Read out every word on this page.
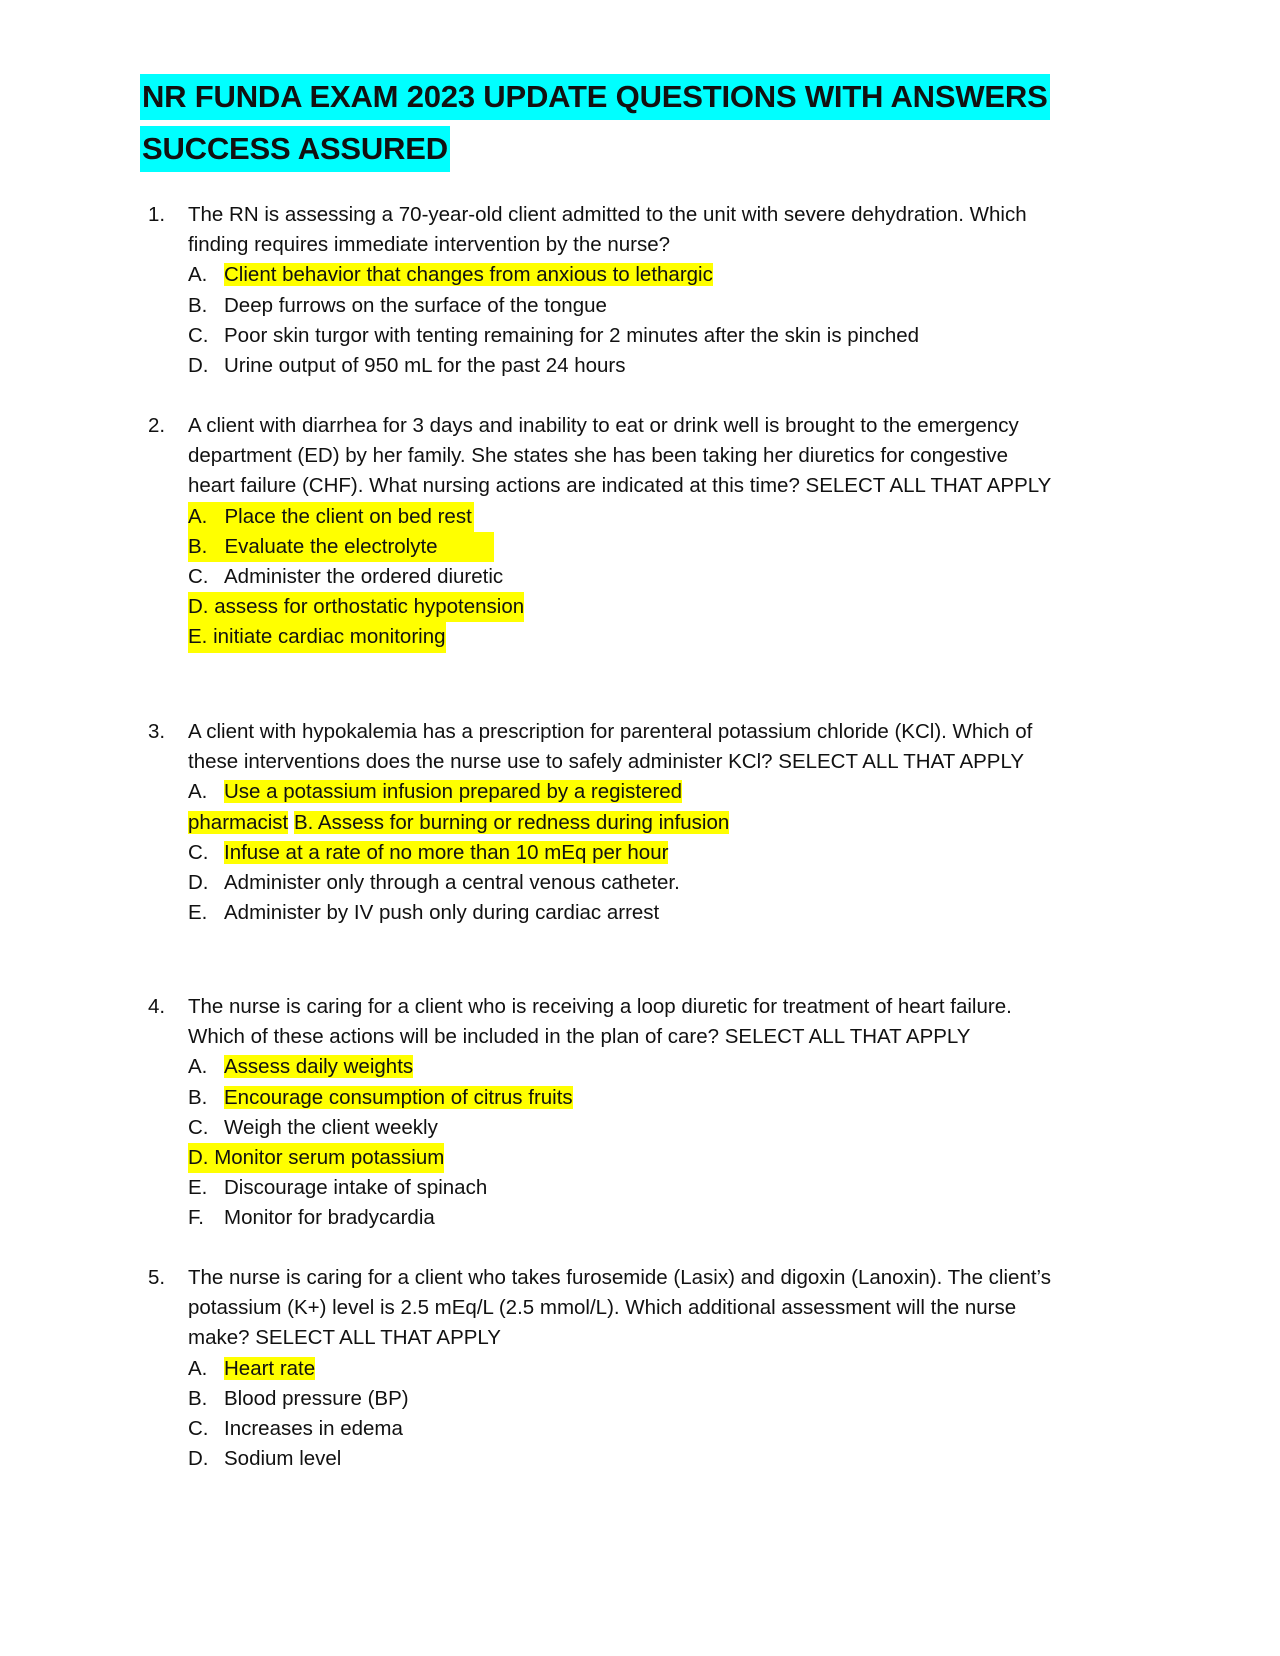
NR FUNDA EXAM 2023 UPDATE QUESTIONS WITH ANSWERS
SUCCESS ASSURED
1. The RN is assessing a 70-year-old client admitted to the unit with severe dehydration. Which
finding requires immediate intervention by the nurse?
A. Client behavior that changes from anxious to lethargic
B. Deep furrows on the surface of the tongue
C. Poor skin turgor with tenting remaining for 2 minutes after the skin is pinched
D. Urine output of 950 mL for the past 24 hours
2. A client with diarrhea for 3 days and inability to eat or drink well is brought to the emergency
department (ED) by her family. She states she has been taking her diuretics for congestive
heart failure (CHF). What nursing actions are indicated at this time? SELECT ALL THAT APPLY
A. Place the client on bed rest
B. Evaluate the electrolyte
C. Administer the ordered diuretic
D. assess for orthostatic hypotension
E. initiate cardiac monitoring
3. A client with hypokalemia has a prescription for parenteral potassium chloride (KCl). Which of
these interventions does the nurse use to safely administer KCl? SELECT ALL THAT APPLY
A. Use a potassium infusion prepared by a registered
pharmacist B. Assess for burning or redness during infusion
C. Infuse at a rate of no more than 10 mEq per hour
D. Administer only through a central venous catheter.
E. Administer by IV push only during cardiac arrest
4. The nurse is caring for a client who is receiving a loop diuretic for treatment of heart failure.
Which of these actions will be included in the plan of care? SELECT ALL THAT APPLY
A. Assess daily weights
B. Encourage consumption of citrus fruits
C. Weigh the client weekly
D. Monitor serum potassium
E. Discourage intake of spinach
F. Monitor for bradycardia
5. The nurse is caring for a client who takes furosemide (Lasix) and digoxin (Lanoxin). The client’s
potassium (K+) level is 2.5 mEq/L (2.5 mmol/L). Which additional assessment will the nurse
make? SELECT ALL THAT APPLY
A. Heart rate
B. Blood pressure (BP)
C. Increases in edema
D. Sodium level
